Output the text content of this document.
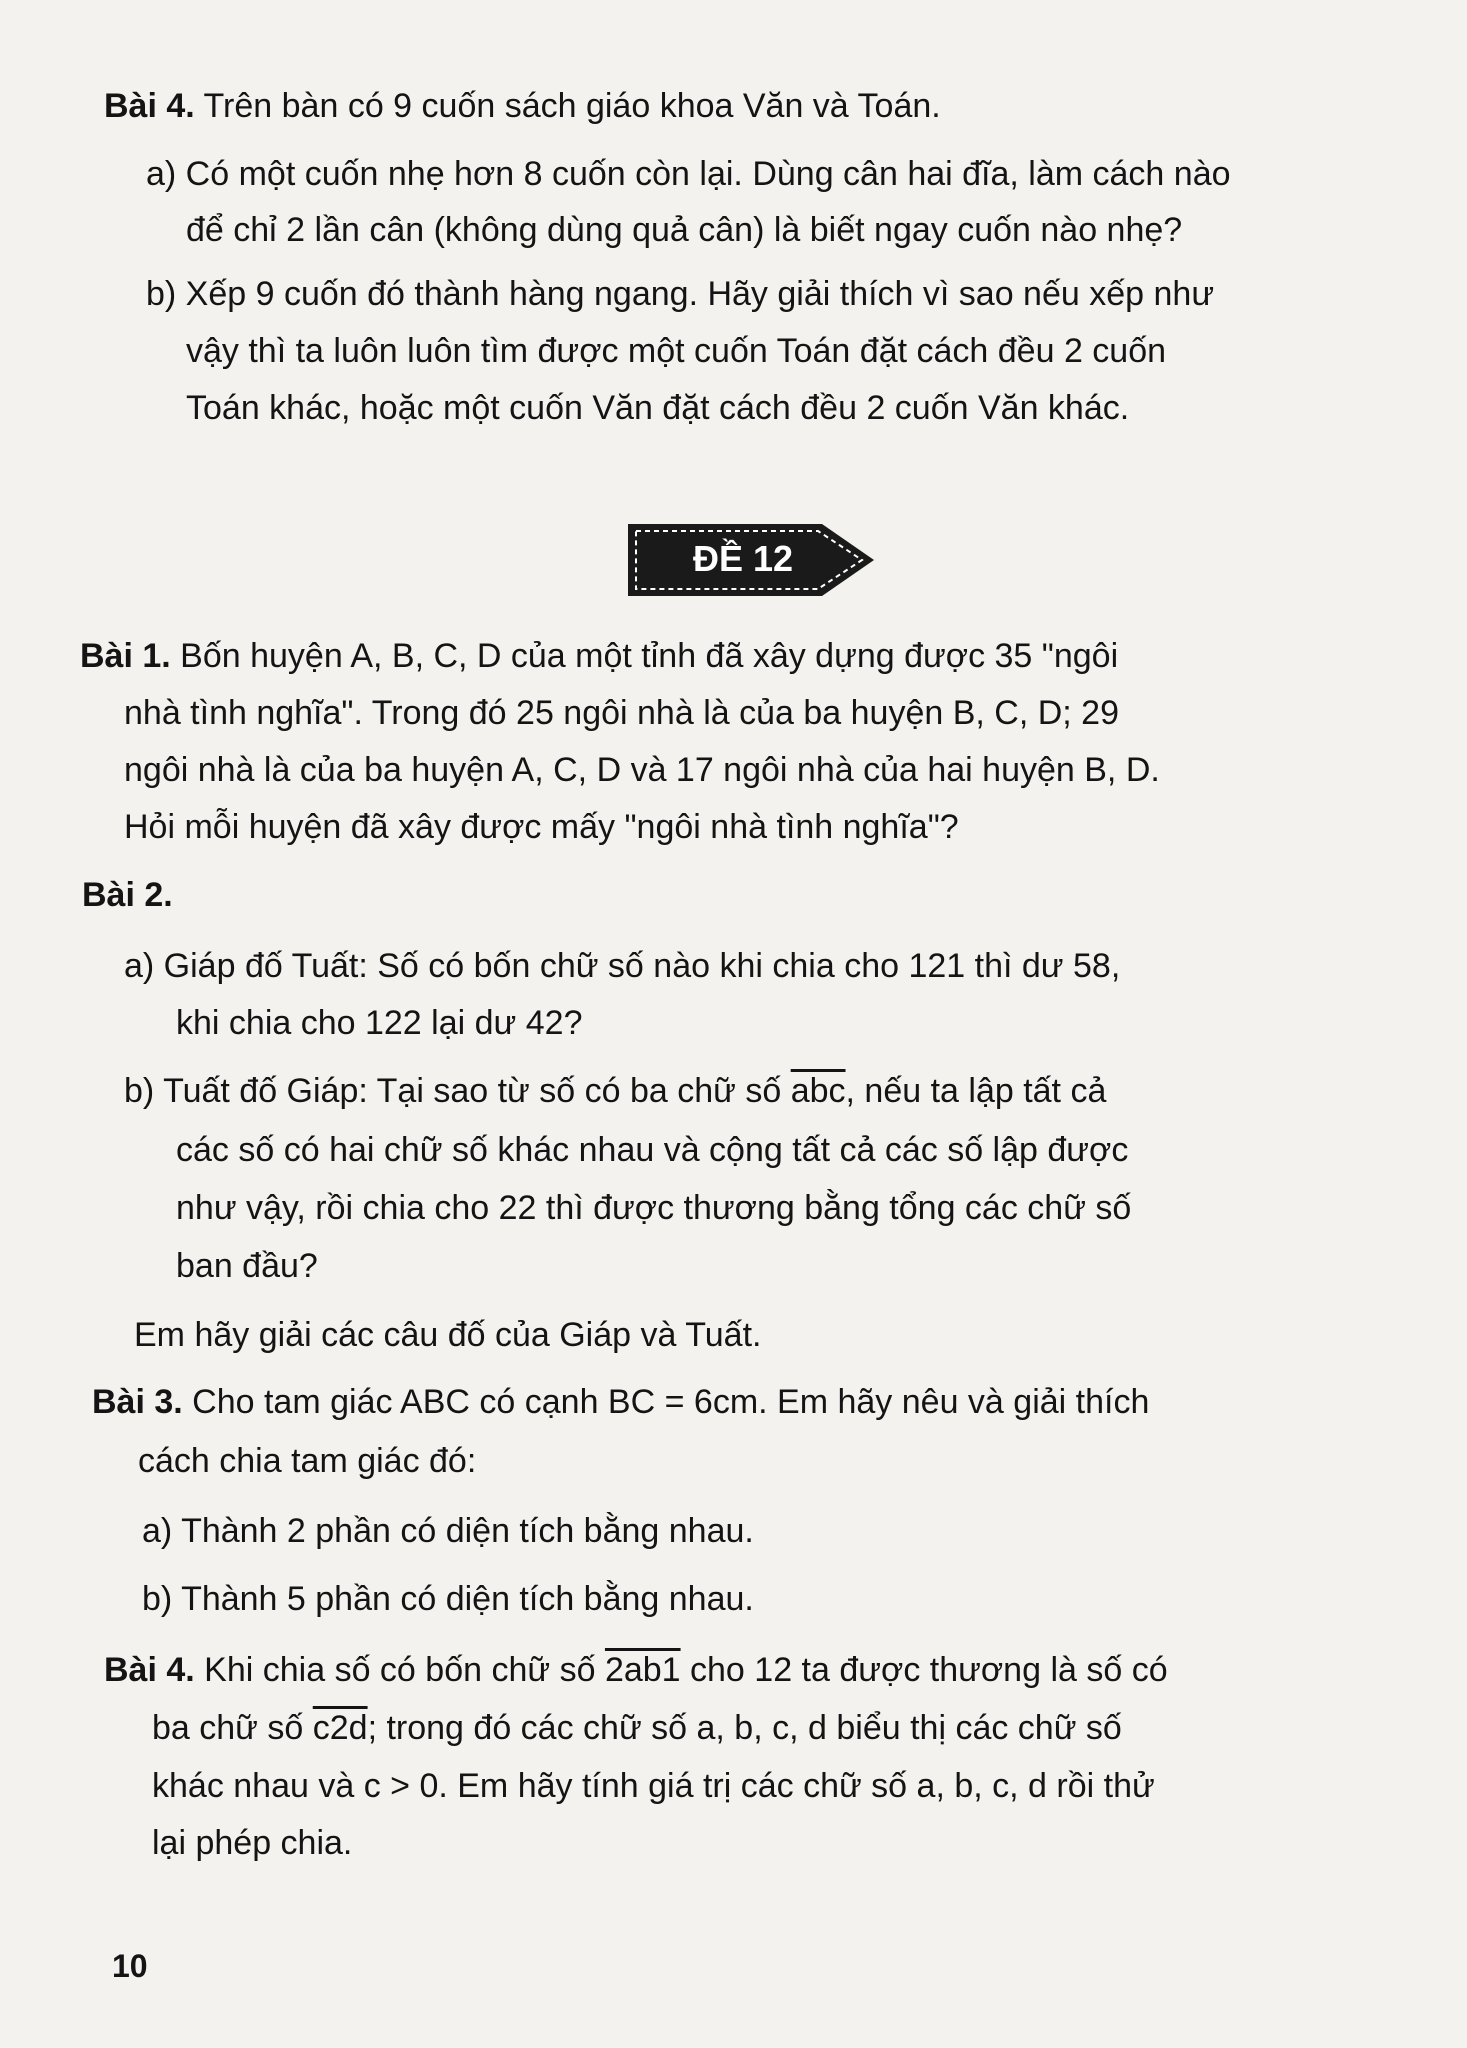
Bài 4. Trên bàn có 9 cuốn sách giáo khoa Văn và Toán.
a) Có một cuốn nhẹ hơn 8 cuốn còn lại. Dùng cân hai đĩa, làm cách nào
để chỉ 2 lần cân (không dùng quả cân) là biết ngay cuốn nào nhẹ?
b) Xếp 9 cuốn đó thành hàng ngang. Hãy giải thích vì sao nếu xếp như
vậy thì ta luôn luôn tìm được một cuốn Toán đặt cách đều 2 cuốn
Toán khác, hoặc một cuốn Văn đặt cách đều 2 cuốn Văn khác.
ĐỀ 12
Bài 1. Bốn huyện A, B, C, D của một tỉnh đã xây dựng được 35 "ngôi
nhà tình nghĩa". Trong đó 25 ngôi nhà là của ba huyện B, C, D; 29
ngôi nhà là của ba huyện A, C, D và 17 ngôi nhà của hai huyện B, D.
Hỏi mỗi huyện đã xây được mấy "ngôi nhà tình nghĩa"?
Bài 2.
a) Giáp đố Tuất: Số có bốn chữ số nào khi chia cho 121 thì dư 58,
khi chia cho 122 lại dư 42?
b) Tuất đố Giáp: Tại sao từ số có ba chữ số $\overline{abc}$, nếu ta lập tất cả
các số có hai chữ số khác nhau và cộng tất cả các số lập được
như vậy, rồi chia cho 22 thì được thương bằng tổng các chữ số
ban đầu?
Em hãy giải các câu đố của Giáp và Tuất.
Bài 3. Cho tam giác ABC có cạnh BC = 6cm. Em hãy nêu và giải thích
cách chia tam giác đó:
a) Thành 2 phần có diện tích bằng nhau.
b) Thành 5 phần có diện tích bằng nhau.
Bài 4. Khi chia số có bốn chữ số 2ab1 cho 12 ta được thương là số có
ba chữ số c2d; trong đó các chữ số a, b, c, d biểu thị các chữ số
khác nhau và c > 0. Em hãy tính giá trị các chữ số a, b, c, d rồi thử
lại phép chia.
10
